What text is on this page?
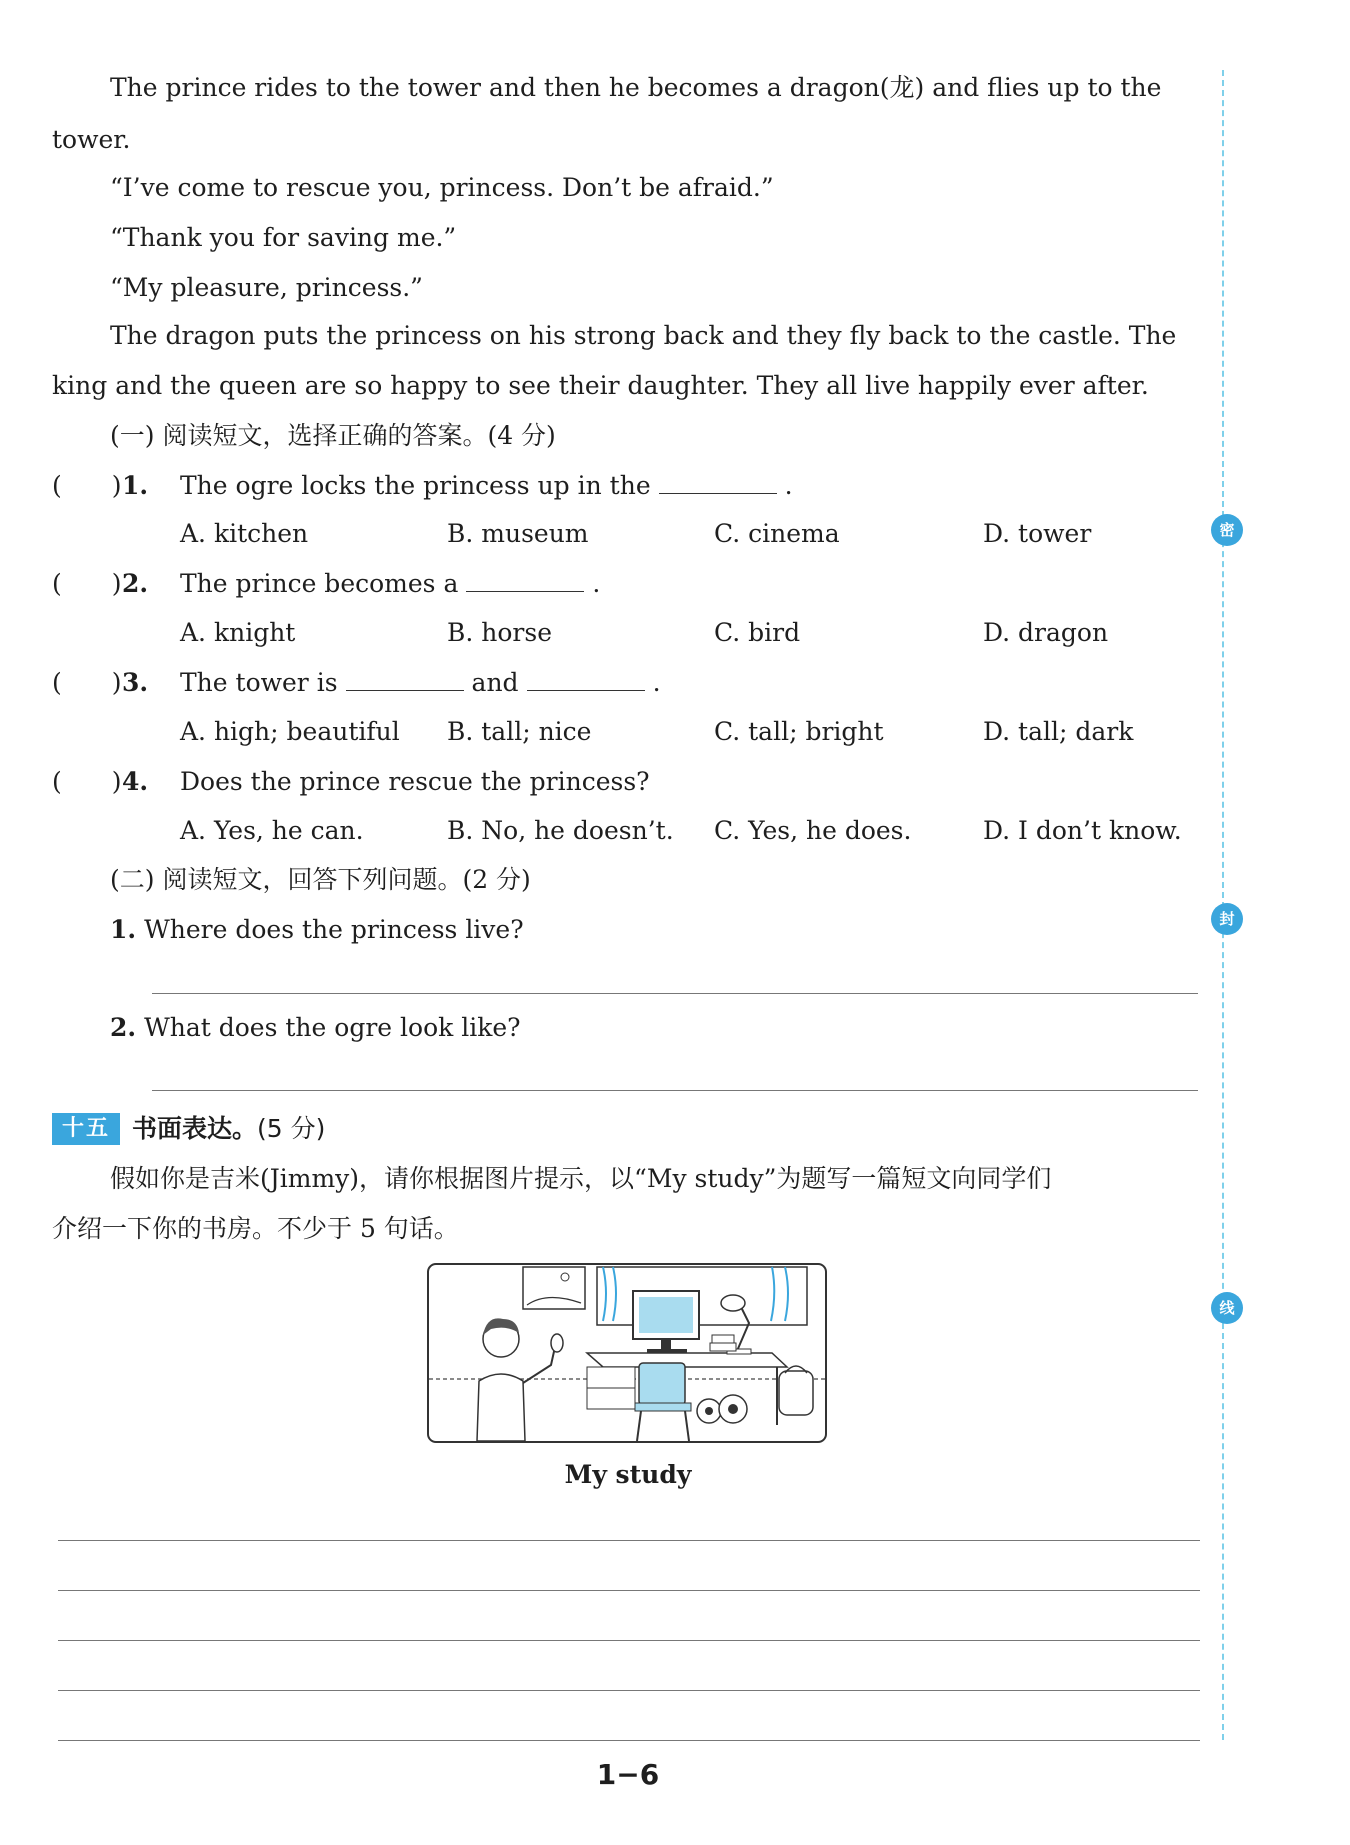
The prince rides to the tower and then he becomes a dragon(龙) and flies up to the
tower.
“I’ve come to rescue you, princess. Don’t be afraid.”
“Thank you for saving me.”
“My pleasure, princess.”
The dragon puts the princess on his strong back and they fly back to the castle. The
king and the queen are so happy to see their daughter. They all live happily ever after.
(一) 阅读短文，选择正确的答案。(4 分)
(　　) 1. The ogre locks the princess up in the	.
A. kitchen	B. museum	C. cinema	D. tower
(　　) 2. The prince becomes a	.
A. knight	B. horse	C. bird	D. dragon
(　　) 3. The tower is	and	.
A. high; beautiful B. tall; nice	C. tall; bright	D. tall; dark
(　　) 4. Does the prince rescue the princess?
A. Yes, he can.	B. No, he doesn’t. C. Yes, he does.	D. I don’t know.
(二) 阅读短文，回答下列问题。(2 分)
1. Where does the princess live?
2. What does the ogre look like?
十五 书面表达。(5 分)
假如你是吉米(Jimmy)，请你根据图片提示，以“My study”为题写一篇短文向同学们
介绍一下你的书房。不少于 5 句话。
My study
密
封
线
1−6
